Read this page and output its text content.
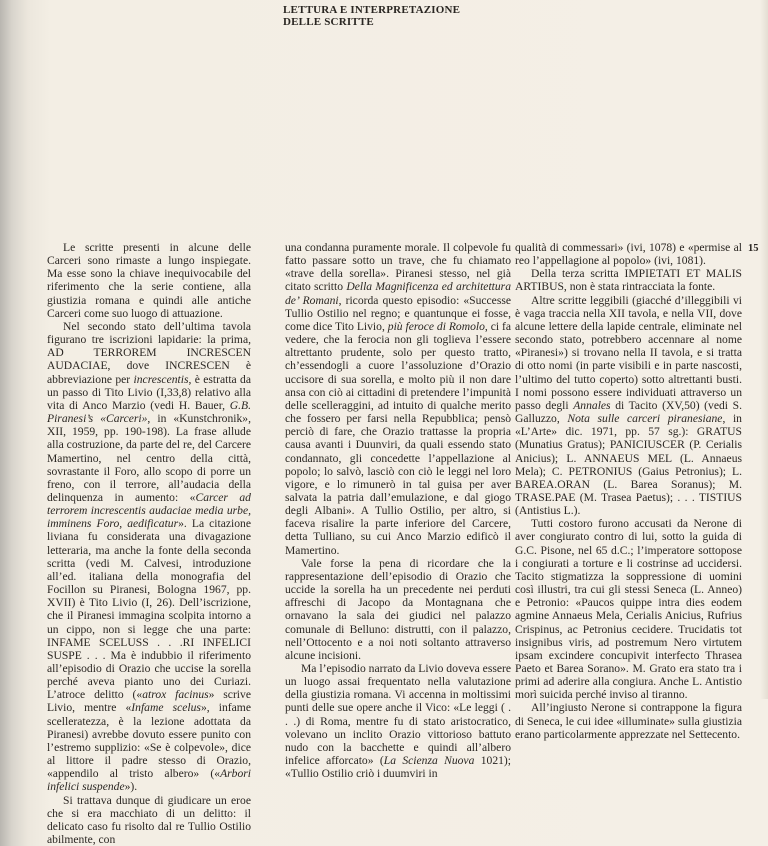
LETTURA E INTERPRETAZIONE
DELLE SCRITTE
15

Le scritte presenti in alcune delle Carceri sono rimaste a lungo inspiegate. Ma esse sono la chiave inequivocabile del riferimento che la serie contiene, alla giustizia romana e quindi alle antiche Carceri come suo luogo di attuazione.

Nel secondo stato dell’ultima tavola figurano tre iscrizioni lapidarie: la prima, AD TERROREM INCRESCEN AUDACIAE, dove INCRESCEN è abbreviazione per increscentis, è estratta da un passo di Tito Livio (I,33,8) relativo alla vita di Anco Marzio (vedi H. Bauer, G.B. Piranesi’s «Carceri», in «Kunstchronik», XII, 1959, pp. 190-198). La frase allude alla costruzione, da parte del re, del Carcere Mamertino, nel centro della città, sovrastante il Foro, allo scopo di porre un freno, con il terrore, all’audacia della delinquenza in aumento: «Carcer ad terrorem increscentis audaciae media urbe, imminens Foro, aedificatur». La citazione liviana fu considerata una divagazione letteraria, ma anche la fonte della seconda scritta (vedi M. Calvesi, introduzione all’ed. italiana della monografia del Focillon su Piranesi, Bologna 1967, pp. XVII) è Tito Livio (I, 26). Dell’iscrizione, che il Piranesi immagina scolpita intorno a un cippo, non si legge che una parte: INFAME SCELUSS . . .RI INFELICI SUSPE . . . Ma è indubbio il riferimento all’episodio di Orazio che uccise la sorella perché aveva pianto uno dei Curiazi. L’atroce delitto («atrox facinus» scrive Livio, mentre «Infame scelus», infame scelleratezza, è la lezione adottata da Piranesi) avrebbe dovuto essere punito con l’estremo supplizio: «Se è colpevole», dice al littore il padre stesso di Orazio, «appendilo al tristo albero» («Arbori infelici suspende»).

Si trattava dunque di giudicare un eroe che si era macchiato di un delitto: il delicato caso fu risolto dal re Tullio Ostilio abilmente, con

una condanna puramente morale. Il colpevole fu fatto passare sotto un trave, che fu chiamato «trave della sorella». Piranesi stesso, nel già citato scritto Della Magnificenza ed architettura de’ Romani, ricorda questo episodio: «Successe Tullio Ostilio nel regno; e quantunque ei fosse, come dice Tito Livio, più feroce di Romolo, ci fa vedere, che la ferocia non gli toglieva l’essere altrettanto prudente, solo per questo tratto, ch’essendogli a cuore l’assoluzione d’Orazio uccisore di sua sorella, e molto più il non dare ansa con ciò ai cittadini di pretendere l’impunità delle scelleraggini, ad intuito di qualche merito che fossero per farsi nella Repubblica; pensò perciò di fare, che Orazio trattasse la propria causa avanti i Duunviri, da quali essendo stato condannato, gli concedette l’appellazione al popolo; lo salvò, lasciò con ciò le leggi nel loro vigore, e lo rimunerò in tal guisa per aver salvata la patria dall’emulazione, e dal giogo degli Albani». A Tullio Ostilio, per altro, si faceva risalire la parte inferiore del Carcere, detta Tulliano, su cui Anco Marzio edificò il Mamertino.

Vale forse la pena di ricordare che la rappresentazione dell’episodio di Orazio che uccide la sorella ha un precedente nei perduti affreschi di Jacopo da Montagnana che ornavano la sala dei giudici nel palazzo comunale di Belluno: distrutti, con il palazzo, nell’Ottocento e a noi noti soltanto attraverso alcune incisioni.

Ma l’episodio narrato da Livio doveva essere un luogo assai frequentato nella valutazione della giustizia romana. Vi accenna in moltissimi punti delle sue opere anche il Vico: «Le leggi ( . . .) di Roma, mentre fu di stato aristocratico, volevano un inclito Orazio vittorioso battuto nudo con la bacchette e quindi all’albero infelice afforcato» (La Scienza Nuova 1021); «Tullio Ostilio criò i duumviri in

qualità di commessari» (ivi, 1078) e «permise al reo l’appellagione al popolo» (ivi, 1081).

Della terza scritta IMPIETATI ET MALIS ARTIBUS, non è stata rintracciata la fonte.

Altre scritte leggibili (giacché d’illeggibili vi è vaga traccia nella XII tavola, e nella VII, dove alcune lettere della lapide centrale, eliminate nel secondo stato, potrebbero accennare al nome «Piranesi») si trovano nella II tavola, e si tratta di otto nomi (in parte visibili e in parte nascosti, l’ultimo del tutto coperto) sotto altrettanti busti. I nomi possono essere individuati attraverso un passo degli Annales di Tacito (XV,50) (vedi S. Galluzzo, Nota sulle carceri piranesiane, in «L’Arte» dic. 1971, pp. 57 sg.): GRATUS (Munatius Gratus); PANICIUSCER (P. Cerialis Anicius); L. ANNAEUS MEL (L. Annaeus Mela); C. PETRONIUS (Gaius Petronius); L. BAREA.ORAN (L. Barea Soranus); M. TRASE.PAE (M. Trasea Paetus); . . . TISTIUS (Antistius L.).

Tutti costoro furono accusati da Nerone di aver congiurato contro di lui, sotto la guida di G.C. Pisone, nel 65 d.C.; l’imperatore sottopose i congiurati a torture e li costrinse ad uccidersi. Tacito stigmatizza la soppressione di uomini così illustri, tra cui gli stessi Seneca (L. Anneo) e Petronio: «Paucos quippe intra dies eodem agmine Annaeus Mela, Cerialis Anicius, Rufrius Crispinus, ac Petronius cecidere. Trucidatis tot insignibus viris, ad postremum Nero virtutem ipsam excindere concupivit interfecto Thrasea Paeto et Barea Sorano». M. Grato era stato tra i primi ad aderire alla congiura. Anche L. Antistio morì suicida perché inviso al tiranno.

All’ingiusto Nerone si contrappone la figura di Seneca, le cui idee «illuminate» sulla giustizia erano particolarmente apprezzate nel Settecento.
